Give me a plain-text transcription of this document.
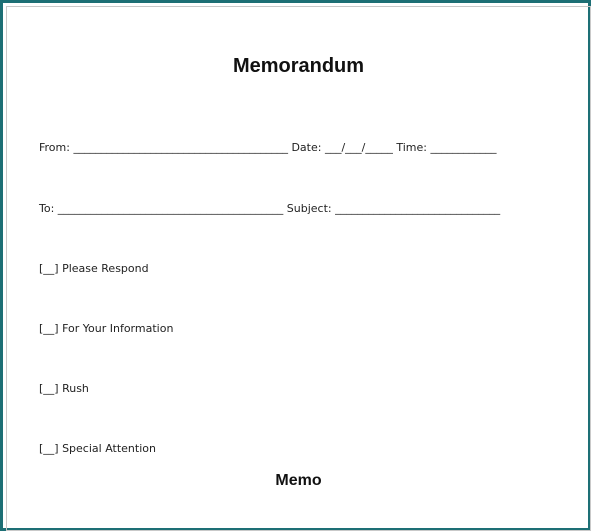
Memorandum
From: _______________________________________ Date: ___/___/_____ Time: ____________
To: _________________________________________ Subject: ______________________________
[__] Please Respond
[__] For Your Information
[__] Rush
[__] Special Attention
Memo
